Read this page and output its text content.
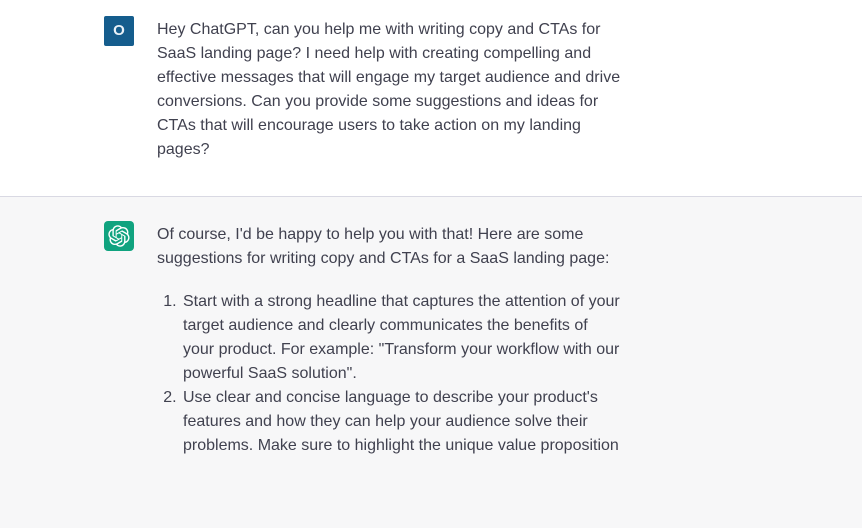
O	Hey ChatGPT, can you help me with writing copy and CTAs for SaaS landing page? I need help with creating compelling and effective messages that will engage my target audience and drive conversions. Can you provide some suggestions and ideas for CTAs that will encourage users to take action on my landing pages?

Of course, I'd be happy to help you with that! Here are some suggestions for writing copy and CTAs for a SaaS landing page:

1. Start with a strong headline that captures the attention of your target audience and clearly communicates the benefits of your product. For example: "Transform your workflow with our powerful SaaS solution".
2. Use clear and concise language to describe your product's features and how they can help your audience solve their problems. Make sure to highlight the unique value proposition
